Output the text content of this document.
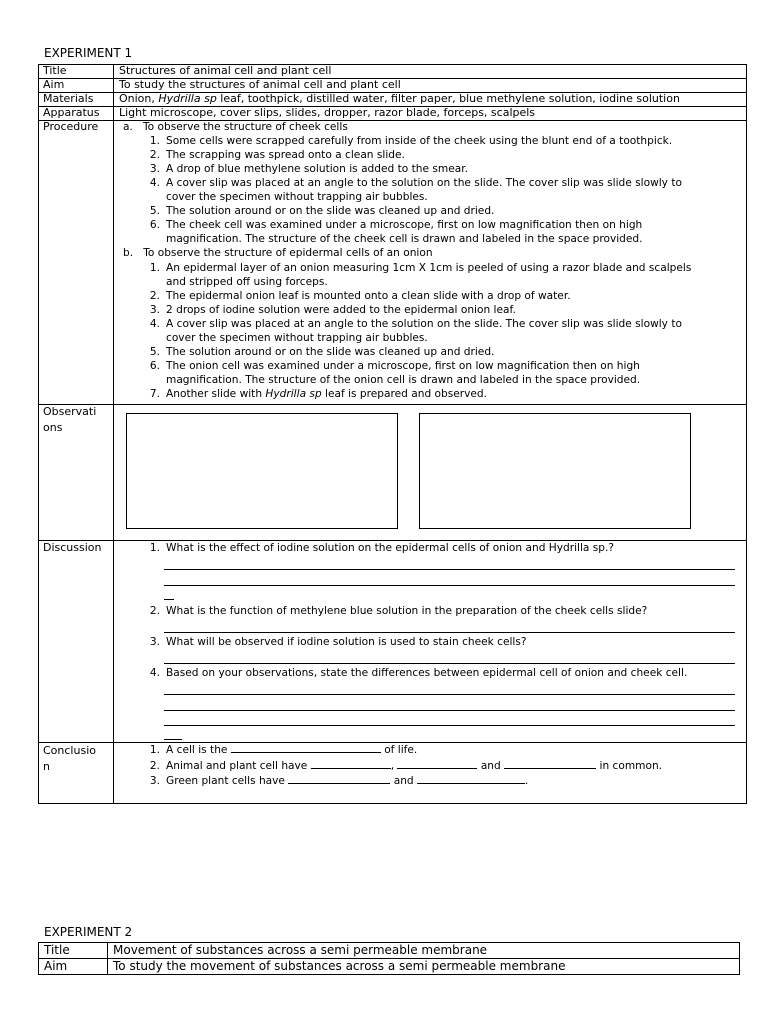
EXPERIMENT 1
Title	Structures of animal cell and plant cell
Aim	To study the structures of animal cell and plant cell
Materials Onion, Hydrilla sp leaf, toothpick, distilled water, filter paper, blue methylene solution, iodine solution
Apparatus Light microscope, cover slips, slides, dropper, razor blade, forceps, scalpels
Procedure a. To observe the structure of cheek cells
1. Some cells were scrapped carefully from inside of the cheek using the blunt end of a toothpick.
2. The scrapping was spread onto a clean slide.
3. A drop of blue methylene solution is added to the smear.
4. A cover slip was placed at an angle to the solution on the slide. The cover slip was slide slowly to
cover the specimen without trapping air bubbles.
5. The solution around or on the slide was cleaned up and dried.
6. The cheek cell was examined under a microscope, first on low magnification then on high
magnification. The structure of the cheek cell is drawn and labeled in the space provided.
b. To observe the structure of epidermal cells of an onion
1. An epidermal layer of an onion measuring 1cm X 1cm is peeled of using a razor blade and scalpels
and stripped off using forceps.
2. The epidermal onion leaf is mounted onto a clean slide with a drop of water.
3. 2 drops of iodine solution were added to the epidermal onion leaf.
4. A cover slip was placed at an angle to the solution on the slide. The cover slip was slide slowly to
cover the specimen without trapping air bubbles.
5. The solution around or on the slide was cleaned up and dried.
6. The onion cell was examined under a microscope, first on low magnification then on high
magnification. The structure of the onion cell is drawn and labeled in the space provided.
7. Another slide with Hydrilla sp leaf is prepared and observed.
Observati
ons
Discussion	1. What is the effect of iodine solution on the epidermal cells of onion and Hydrilla sp.?
2. What is the function of methylene blue solution in the preparation of the cheek cells slide?
3. What will be observed if iodine solution is used to stain cheek cells?
4. Based on your observations, state the differences between epidermal cell of onion and cheek cell.
Conclusio
n
1. A cell is the	of life.
2. Animal and plant cell have	,	and	in common.
3. Green plant cells have	and	.
EXPERIMENT 2
Title	Movement of substances across a semi permeable membrane
Aim	To study the movement of substances across a semi permeable membrane
